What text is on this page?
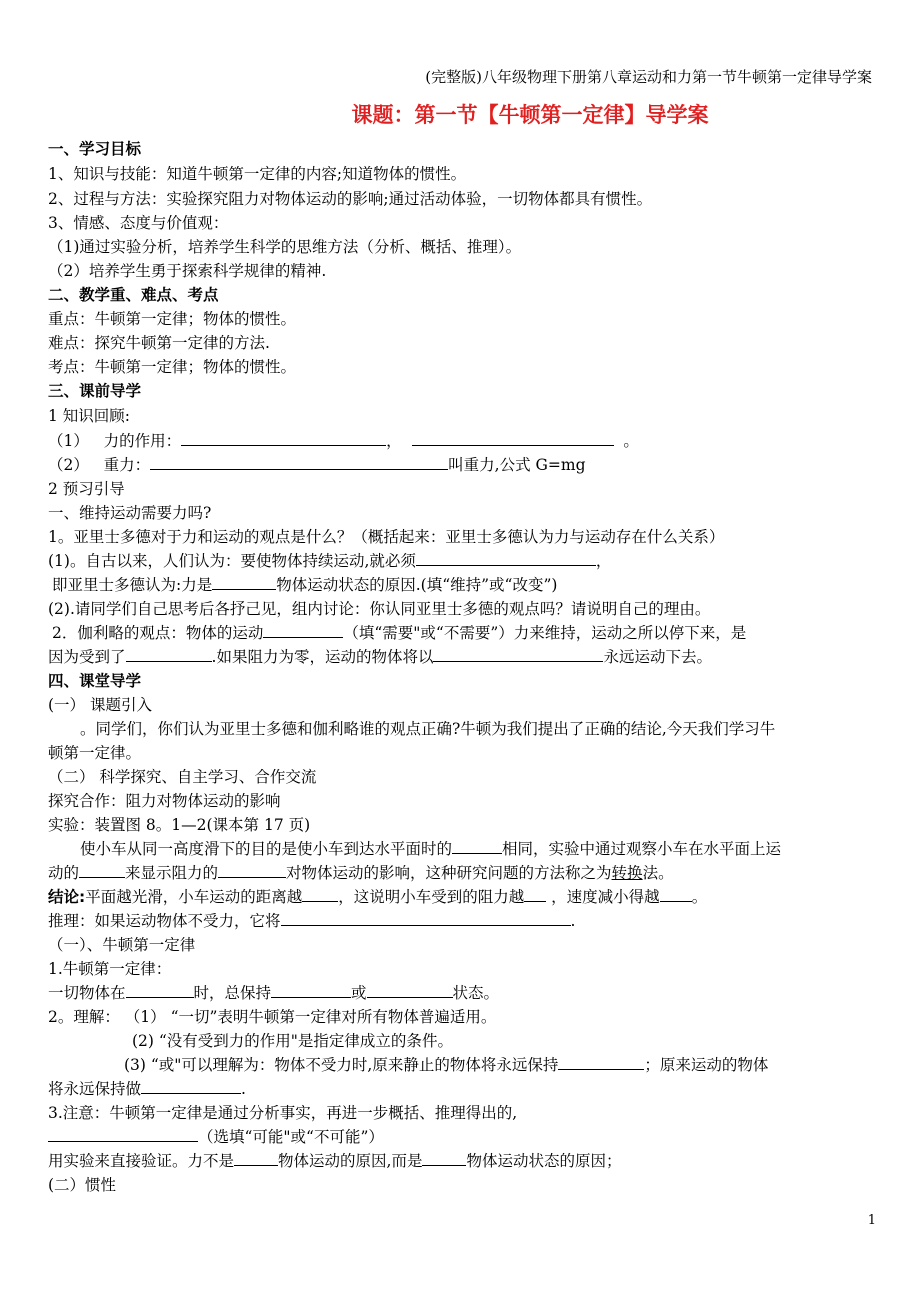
(完整版)八年级物理下册第八章运动和力第一节牛顿第一定律导学案
课题：第一节【牛顿第一定律】导学案
一、学习目标
1、知识与技能：知道牛顿第一定律的内容;知道物体的惯性。
2、过程与方法：实验探究阻力对物体运动的影响;通过活动体验，一切物体都具有惯性。
3、情感、态度与价值观：
（1)通过实验分析，培养学生科学的思维方法（分析、概括、推理）。
（2）培养学生勇于探索科学规律的精神.
二、教学重、难点、考点
重点：牛顿第一定律；物体的惯性。
难点：探究牛顿第一定律的方法.
考点：牛顿第一定律；物体的惯性。
三、课前导学
1 知识回顾:
（1） 力的作用：	，	。
（2） 重力：	叫重力,公式 G=mg
2 预习引导
一、维持运动需要力吗?
1。亚里士多德对于力和运动的观点是什么？（概括起来：亚里士多德认为力与运动存在什么关系）
(1)。自古以来，人们认为：要使物体持续运动,就必须	，
即亚里士多德认为:力是	物体运动状态的原因.(填“维持”或“改变”)
(2).请同学们自己思考后各抒己见，组内讨论：你认同亚里士多德的观点吗？请说明自己的理由。
2．伽利略的观点：物体的运动	（填“需要"或“不需要”）力来维持，运动之所以停下来，是
因为受到了	.如果阻力为零，运动的物体将以	永远运动下去。
四、课堂导学
(一） 课题引入
。同学们，你们认为亚里士多德和伽利略谁的观点正确?牛顿为我们提出了正确的结论,今天我们学习牛
顿第一定律。
（二） 科学探究、自主学习、合作交流
探究合作：阻力对物体运动的影响
实验：装置图 8。1—2(课本第 17 页)
使小车从同一高度滑下的目的是使小车到达水平面时的	相同，实验中通过观察小车在水平面上运
动的	来显示阻力的	对物体运动的影响，这种研究问题的方法称之为转换法。
结论:平面越光滑，小车运动的距离越 ，这说明小车受到的阻力越 ，速度减小得越 。
推理：如果运动物体不受力，它将	.
（一）、牛顿第一定律
1.牛顿第一定律：
一切物体在	时，总保持	或	状态。
2。理解： （1） “一切”表明牛顿第一定律对所有物体普遍适用。
(2) “没有受到力的作用"是指定律成立的条件。
(3) “或"可以理解为：物体不受力时,原来静止的物体将永远保持	；原来运动的物体
将永远保持做	.
3.注意：牛顿第一定律是通过分析事实，再进一步概括、推理得出的,
（选填“可能"或“不可能”）
用实验来直接验证。力不是	物体运动的原因,而是	物体运动状态的原因；
(二）惯性
1
